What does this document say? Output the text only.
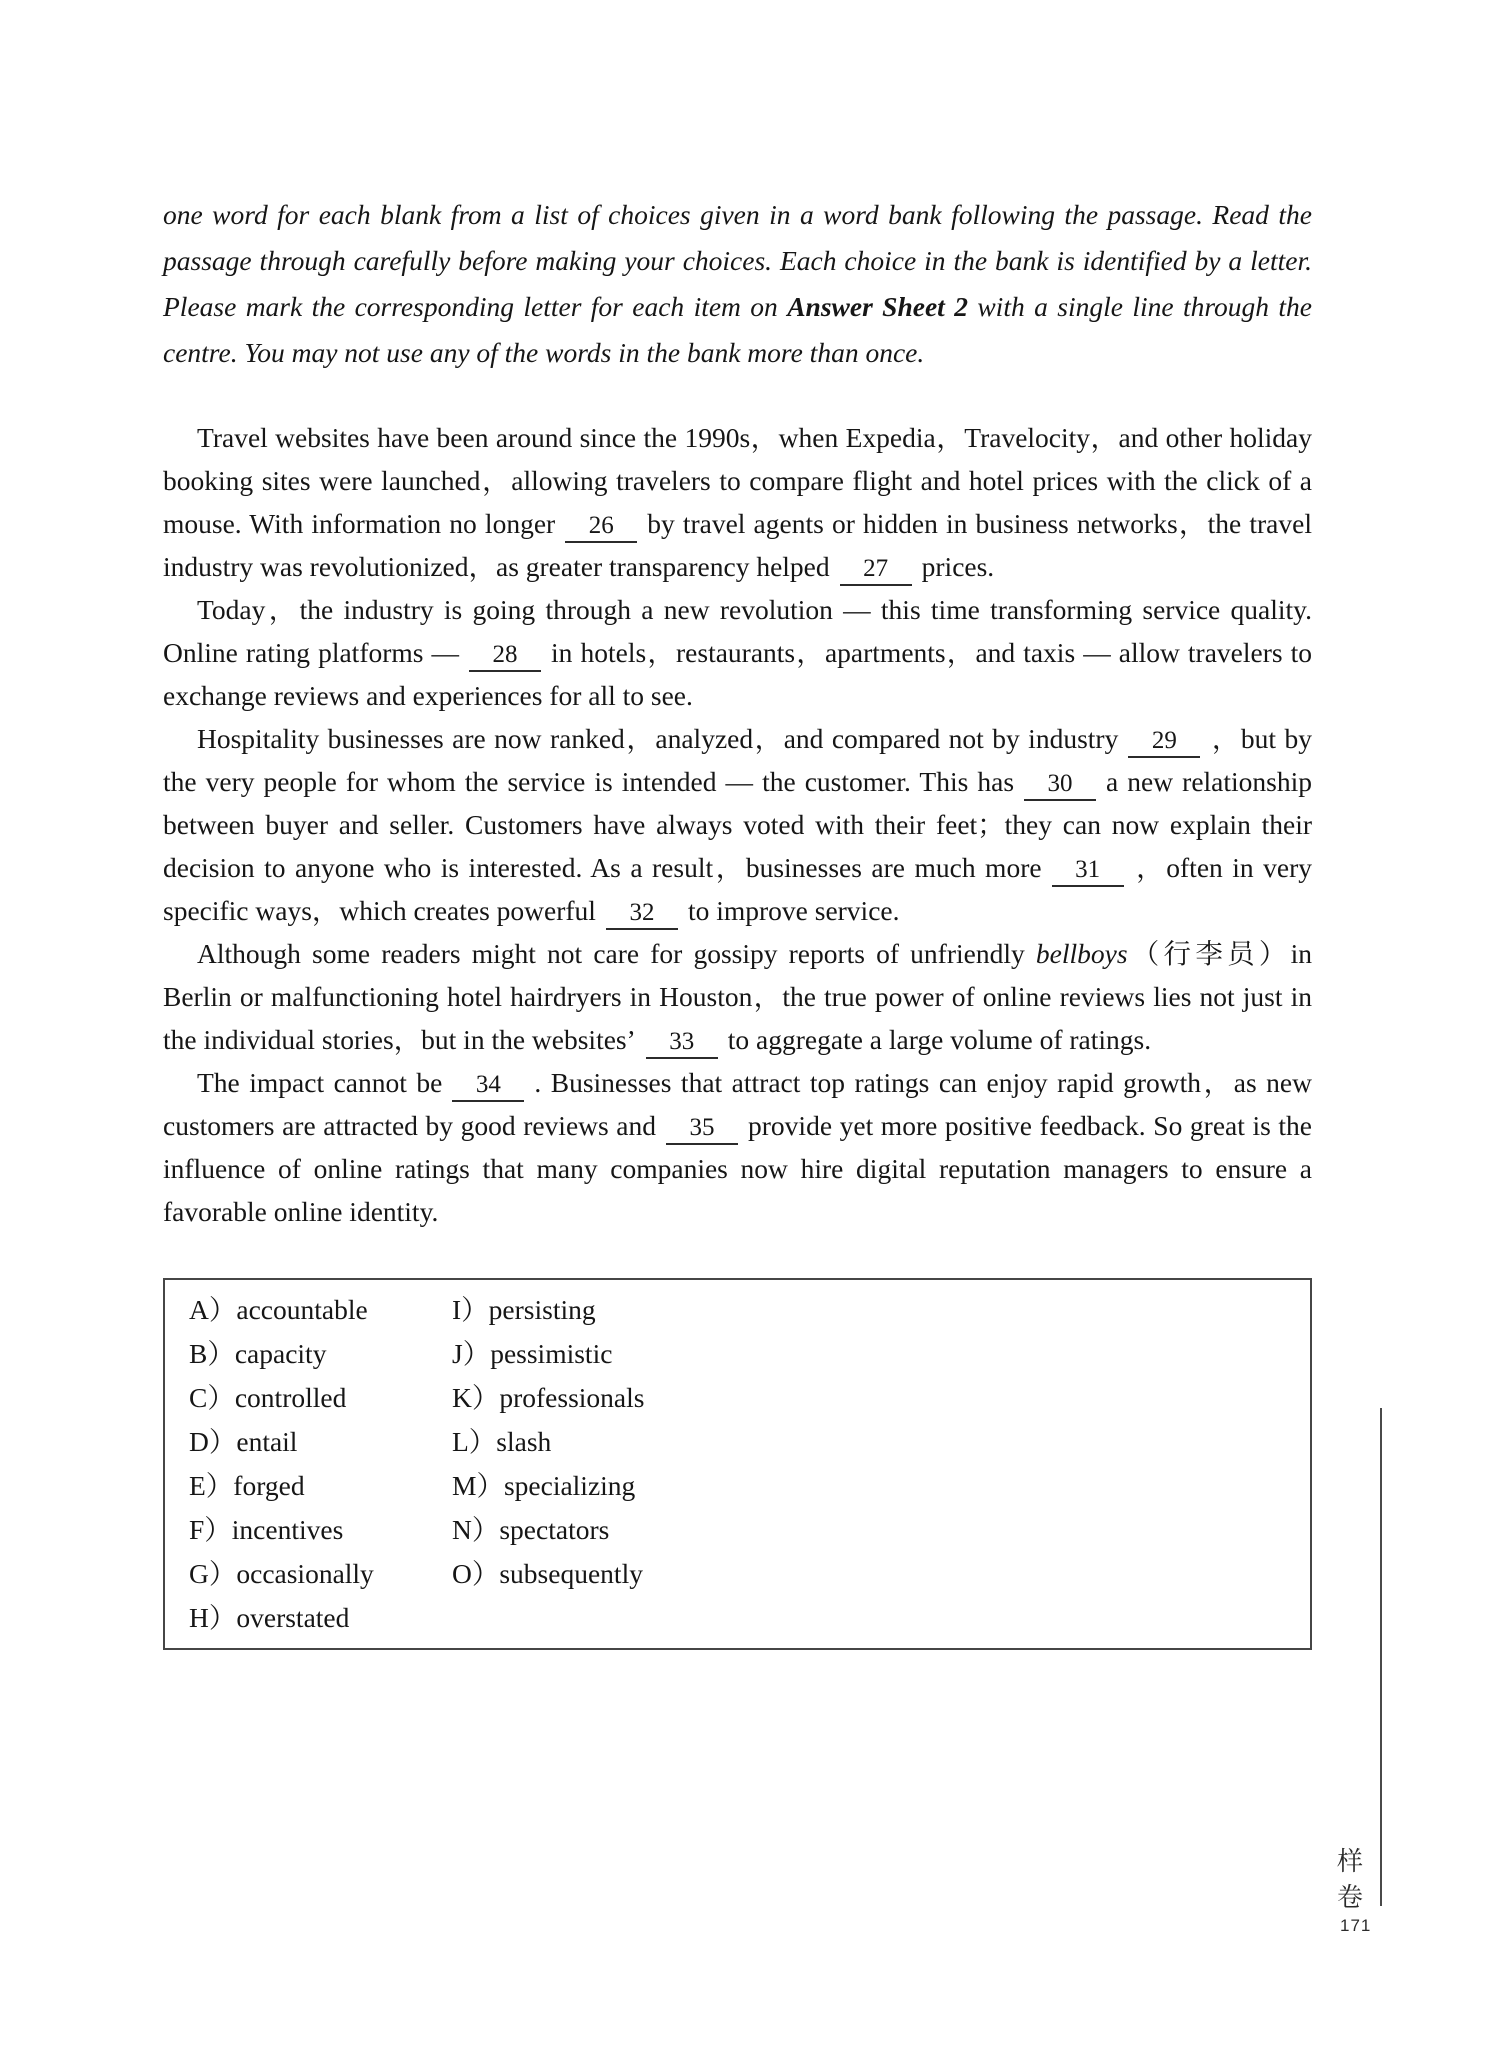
one word for each blank from a list of choices given in a word bank following the passage. Read the passage through carefully before making your choices. Each choice in the bank is identified by a letter. Please mark the corresponding letter for each item on Answer Sheet 2 with a single line through the centre. You may not use any of the words in the bank more than once.

Travel websites have been around since the 1990s，when Expedia，Travelocity，and other holiday booking sites were launched，allowing travelers to compare flight and hotel prices with the click of a mouse. With information no longer 26 by travel agents or hidden in business networks，the travel industry was revolutionized，as greater transparency helped 27 prices.

Today，the industry is going through a new revolution — this time transforming service quality. Online rating platforms — 28 in hotels，restaurants，apartments，and taxis — allow travelers to exchange reviews and experiences for all to see.

Hospitality businesses are now ranked，analyzed，and compared not by industry 29 ，but by the very people for whom the service is intended — the customer. This has 30 a new relationship between buyer and seller. Customers have always voted with their feet；they can now explain their decision to anyone who is interested. As a result，businesses are much more 31 ，often in very specific ways，which creates powerful 32 to improve service.

Although some readers might not care for gossipy reports of unfriendly bellboys（行李员）in Berlin or malfunctioning hotel hairdryers in Houston，the true power of online reviews lies not just in the individual stories，but in the websites’ 33 to aggregate a large volume of ratings.

The impact cannot be 34 . Businesses that attract top ratings can enjoy rapid growth，as new customers are attracted by good reviews and 35 provide yet more positive feedback. So great is the influence of online ratings that many companies now hire digital reputation managers to ensure a favorable online identity.

A）accountable
B）capacity
C）controlled
D）entail
E）forged
F）incentives
G）occasionally
H）overstated
I）persisting
J）pessimistic
K）professionals
L）slash
M）specializing
N）spectators
O）subsequently
样
卷
171
